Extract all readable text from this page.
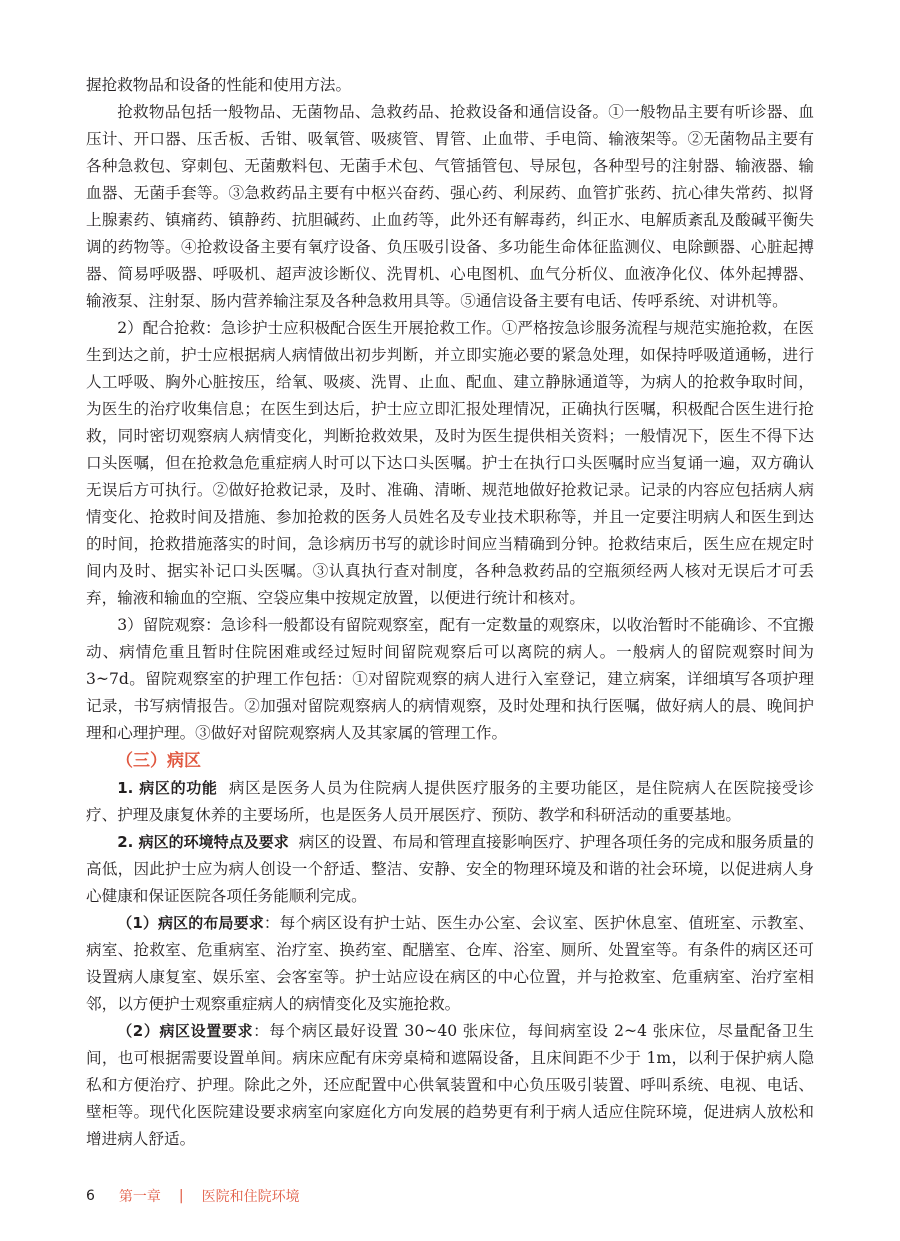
握抢救物品和设备的性能和使用方法。

抢救物品包括一般物品、无菌物品、急救药品、抢救设备和通信设备。①一般物品主要有听诊器、血压计、开口器、压舌板、舌钳、吸氧管、吸痰管、胃管、止血带、手电筒、输液架等。②无菌物品主要有各种急救包、穿刺包、无菌敷料包、无菌手术包、气管插管包、导尿包，各种型号的注射器、输液器、输血器、无菌手套等。③急救药品主要有中枢兴奋药、强心药、利尿药、血管扩张药、抗心律失常药、拟肾上腺素药、镇痛药、镇静药、抗胆碱药、止血药等，此外还有解毒药，纠正水、电解质紊乱及酸碱平衡失调的药物等。④抢救设备主要有氧疗设备、负压吸引设备、多功能生命体征监测仪、电除颤器、心脏起搏器、简易呼吸器、呼吸机、超声波诊断仪、洗胃机、心电图机、血气分析仪、血液净化仪、体外起搏器、输液泵、注射泵、肠内营养输注泵及各种急救用具等。⑤通信设备主要有电话、传呼系统、对讲机等。

2）配合抢救：急诊护士应积极配合医生开展抢救工作。①严格按急诊服务流程与规范实施抢救，在医生到达之前，护士应根据病人病情做出初步判断，并立即实施必要的紧急处理，如保持呼吸道通畅，进行人工呼吸、胸外心脏按压，给氧、吸痰、洗胃、止血、配血、建立静脉通道等，为病人的抢救争取时间，为医生的治疗收集信息；在医生到达后，护士应立即汇报处理情况，正确执行医嘱，积极配合医生进行抢救，同时密切观察病人病情变化，判断抢救效果，及时为医生提供相关资料；一般情况下，医生不得下达口头医嘱，但在抢救急危重症病人时可以下达口头医嘱。护士在执行口头医嘱时应当复诵一遍，双方确认无误后方可执行。②做好抢救记录，及时、准确、清晰、规范地做好抢救记录。记录的内容应包括病人病情变化、抢救时间及措施、参加抢救的医务人员姓名及专业技术职称等，并且一定要注明病人和医生到达的时间，抢救措施落实的时间，急诊病历书写的就诊时间应当精确到分钟。抢救结束后，医生应在规定时间内及时、据实补记口头医嘱。③认真执行查对制度，各种急救药品的空瓶须经两人核对无误后才可丢弃，输液和输血的空瓶、空袋应集中按规定放置，以便进行统计和核对。

3）留院观察：急诊科一般都设有留院观察室，配有一定数量的观察床，以收治暂时不能确诊、不宜搬动、病情危重且暂时住院困难或经过短时间留院观察后可以离院的病人。一般病人的留院观察时间为 3~7d。留院观察室的护理工作包括：①对留院观察的病人进行入室登记，建立病案，详细填写各项护理记录，书写病情报告。②加强对留院观察病人的病情观察，及时处理和执行医嘱，做好病人的晨、晚间护理和心理护理。③做好对留院观察病人及其家属的管理工作。

（三）病区

1. 病区的功能 病区是医务人员为住院病人提供医疗服务的主要功能区，是住院病人在医院接受诊疗、护理及康复休养的主要场所，也是医务人员开展医疗、预防、教学和科研活动的重要基地。

2. 病区的环境特点及要求 病区的设置、布局和管理直接影响医疗、护理各项任务的完成和服务质量的高低，因此护士应为病人创设一个舒适、整洁、安静、安全的物理环境及和谐的社会环境，以促进病人身心健康和保证医院各项任务能顺利完成。

（1）病区的布局要求：每个病区设有护士站、医生办公室、会议室、医护休息室、值班室、示教室、病室、抢救室、危重病室、治疗室、换药室、配膳室、仓库、浴室、厕所、处置室等。有条件的病区还可设置病人康复室、娱乐室、会客室等。护士站应设在病区的中心位置，并与抢救室、危重病室、治疗室相邻，以方便护士观察重症病人的病情变化及实施抢救。

（2）病区设置要求：每个病区最好设置 30~40 张床位，每间病室设 2~4 张床位，尽量配备卫生间，也可根据需要设置单间。病床应配有床旁桌椅和遮隔设备，且床间距不少于 1m，以利于保护病人隐私和方便治疗、护理。除此之外，还应配置中心供氧装置和中心负压吸引装置、呼叫系统、电视、电话、壁柜等。现代化医院建设要求病室向家庭化方向发展的趋势更有利于病人适应住院环境，促进病人放松和增进病人舒适。

6 第一章 | 医院和住院环境
